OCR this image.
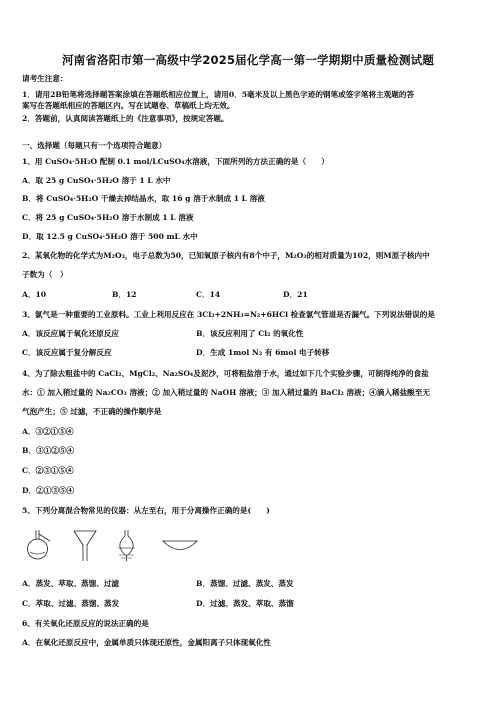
河南省洛阳市第一高级中学2025届化学高一第一学期期中质量检测试题
请考生注意：
1．请用2B铅笔将选择题答案涂填在答题纸相应位置上，请用0．5毫米及以上黑色字迹的钢笔或签字笔将主观题的答
案写在答题纸相应的答题区内。写在试题卷、草稿纸上均无效。
2．答题前，认真阅读答题纸上的《注意事项》，按规定答题。
一、选择题（每题只有一个选项符合题意）
1、用 CuSO₄·5H₂O 配制 0.1 mol/LCuSO₄水溶液，下面所列的方法正确的是（　　）
A．取 25 g CuSO₄·5H₂O 溶于 1 L 水中
B．将 CuSO₄·5H₂O 干燥去掉结晶水，取 16 g 溶于水制成 1 L 溶液
C．将 25 g CuSO₄·5H₂O 溶于水制成 1 L 溶液
D．取 12.5 g CuSO₄·5H₂O 溶于 500 mL 水中
2、某氧化物的化学式为M₂O₃，电子总数为50，已知氧原子核内有8个中子，M₂O₃的相对质量为102，则M原子核内中
子数为（　）
A．10	B．12	C．14	D．21
3、氯气是一种重要的工业原料。工业上利用反应在 3Cl₂+2NH₃=N₂+6HCl 检查氯气管道是否漏气。下列说法错误的是
A．该反应属于氧化还原反应	B．该反应利用了 Cl₂ 的氧化性
C．该反应属于复分解反应	D．生成 1mol N₂ 有 6mol 电子转移
4、为了除去粗盐中的 CaCl₂、MgCl₂、Na₂SO₄及泥沙，可将粗盐溶于水，通过如下几个实验步骤，可制得纯净的食盐
水：① 加入稍过量的 Na₂CO₃ 溶液；② 加入稍过量的 NaOH 溶液；③ 加入稍过量的 BaCl₂ 溶液；④滴入稀盐酸至无
气泡产生；⑤ 过滤，不正确的操作顺序是
A．③②①⑤④
B．③①②⑤④
C．②③①⑤④
D．②①③⑤④
5、下列分离混合物常见的仪器：从左至右，用于分离操作正确的是(　　)
A．蒸发、萃取、蒸馏、过滤	B．蒸馏、过滤、蒸发、蒸发
C．萃取、过滤、蒸馏、蒸发	D．过滤、蒸发、萃取、蒸馏
6、有关氧化还原反应的说法正确的是
A．在氧化还原反应中，金属单质只体现还原性，金属阳离子只体现氧化性
